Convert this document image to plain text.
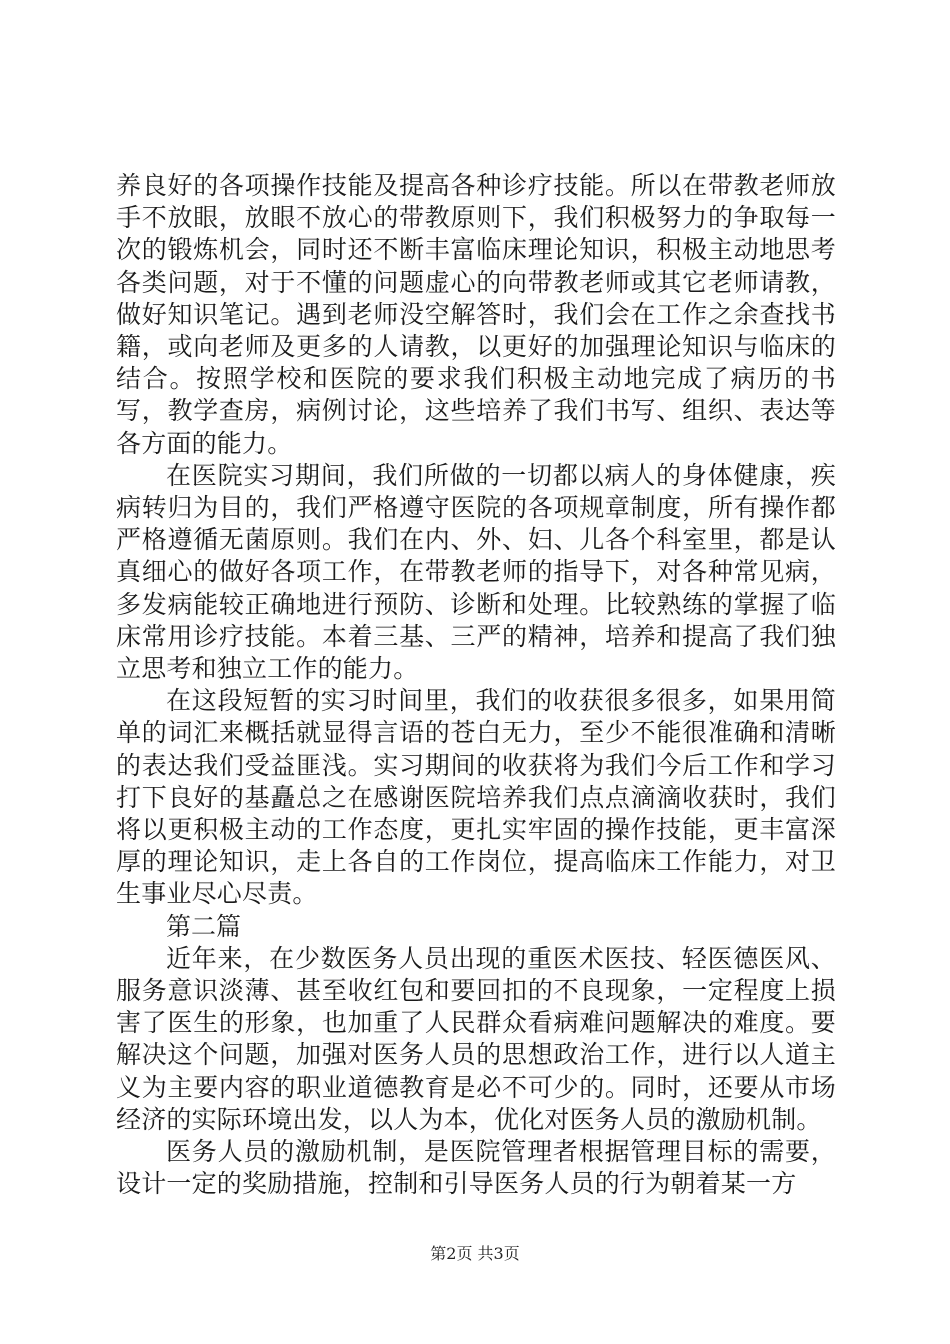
养良好的各项操作技能及提高各种诊疗技能。所以在带教老师放手不放眼，放眼不放心的带教原则下，我们积极努力的争取每一次的锻炼机会，同时还不断丰富临床理论知识，积极主动地思考各类问题，对于不懂的问题虚心的向带教老师或其它老师请教，做好知识笔记。遇到老师没空解答时，我们会在工作之余查找书籍，或向老师及更多的人请教，以更好的加强理论知识与临床的结合。按照学校和医院的要求我们积极主动地完成了病历的书写，教学查房，病例讨论，这些培养了我们书写、组织、表达等各方面的能力。

在医院实习期间，我们所做的一切都以病人的身体健康，疾病转归为目的，我们严格遵守医院的各项规章制度，所有操作都严格遵循无菌原则。我们在内、外、妇、儿各个科室里，都是认真细心的做好各项工作，在带教老师的指导下，对各种常见病，多发病能较正确地进行预防、诊断和处理。比较熟练的掌握了临床常用诊疗技能。本着三基、三严的精神，培养和提高了我们独立思考和独立工作的能力。

在这段短暂的实习时间里，我们的收获很多很多，如果用简单的词汇来概括就显得言语的苍白无力，至少不能很准确和清晰的表达我们受益匪浅。实习期间的收获将为我们今后工作和学习打下良好的基矗总之在感谢医院培养我们点点滴滴收获时，我们将以更积极主动的工作态度，更扎实牢固的操作技能，更丰富深厚的理论知识，走上各自的工作岗位，提高临床工作能力，对卫生事业尽心尽责。

第二篇

近年来，在少数医务人员出现的重医术医技、轻医德医风、服务意识淡薄、甚至收红包和要回扣的不良现象，一定程度上损害了医生的形象，也加重了人民群众看病难问题解决的难度。要解决这个问题，加强对医务人员的思想政治工作，进行以人道主义为主要内容的职业道德教育是必不可少的。同时，还要从市场经济的实际环境出发，以人为本，优化对医务人员的激励机制。

医务人员的激励机制，是医院管理者根据管理目标的需要，设计一定的奖励措施，控制和引导医务人员的行为朝着某一方

第2页 共3页
